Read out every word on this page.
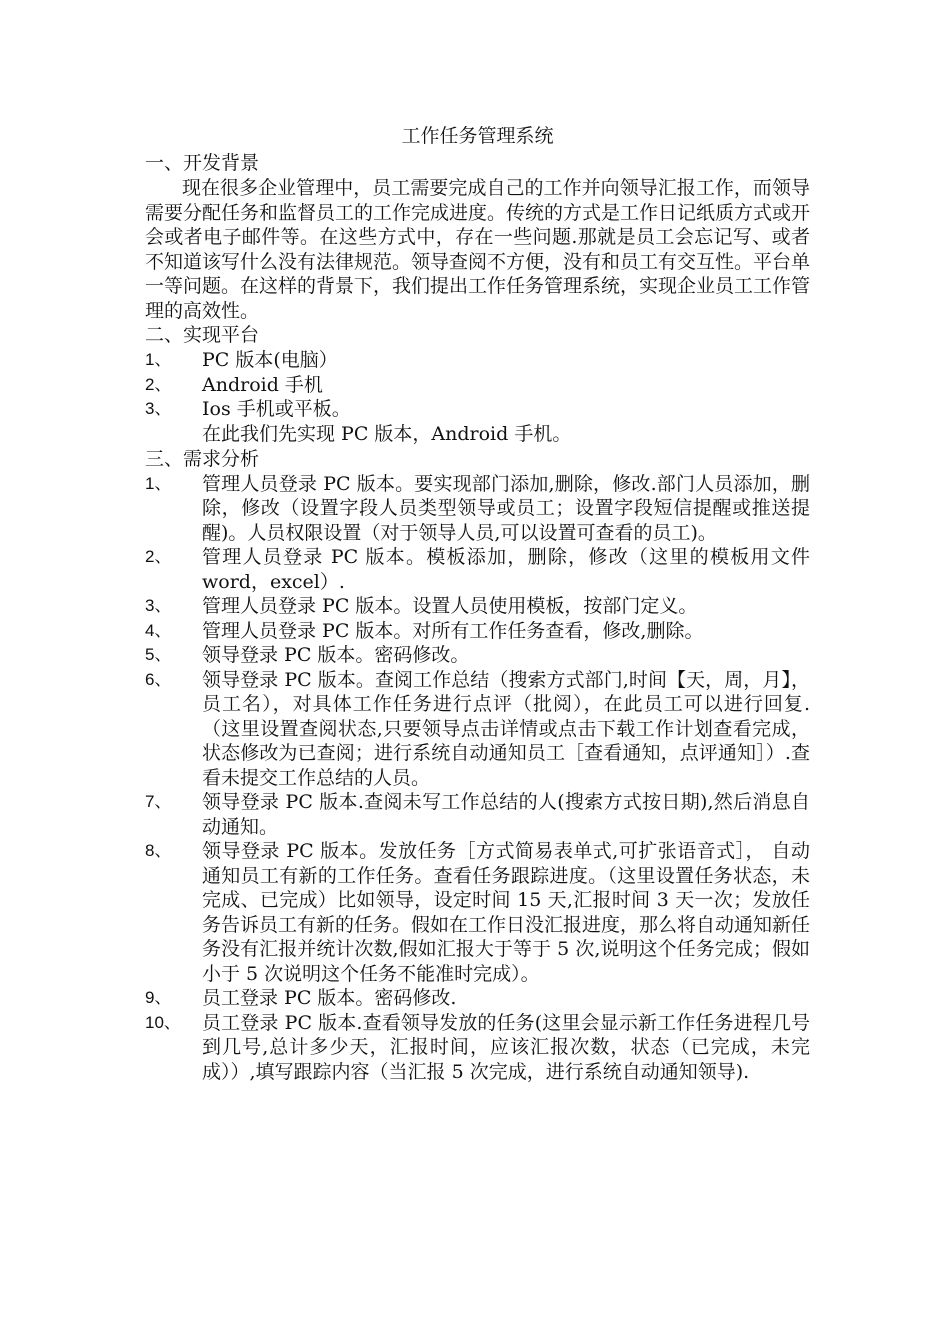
工作任务管理系统
一、开发背景

现在很多企业管理中，员工需要完成自己的工作并向领导汇报工作，而领导需要分配任务和监督员工的工作完成进度。传统的方式是工作日记纸质方式或开会或者电子邮件等。在这些方式中，存在一些问题.那就是员工会忘记写、或者不知道该写什么没有法律规范。领导查阅不方便，没有和员工有交互性。平台单一等问题。在这样的背景下，我们提出工作任务管理系统，实现企业员工工作管理的高效性。

二、实现平台
1、	PC 版本(电脑）
2、	Android 手机
3、	Ios 手机或平板。
在此我们先实现 PC 版本，Android 手机。
三、需求分析
1、	管理人员登录 PC 版本。要实现部门添加,删除，修改.部门人员添加，删除，修改（设置字段人员类型领导或员工；设置字段短信提醒或推送提醒)。人员权限设置（对于领导人员,可以设置可查看的员工)。
2、	管理人员登录 PC 版本。模板添加，删除，修改（这里的模板用文件 word，excel）.
3、	管理人员登录 PC 版本。设置人员使用模板，按部门定义。
4、	管理人员登录 PC 版本。对所有工作任务查看，修改,删除。
5、	领导登录 PC 版本。密码修改。
6、	领导登录 PC 版本。查阅工作总结（搜索方式部门,时间【天，周，月】，员工名），对具体工作任务进行点评（批阅），在此员工可以进行回复.（这里设置查阅状态,只要领导点击详情或点击下载工作计划查看完成，状态修改为已查阅；进行系统自动通知员工［查看通知，点评通知］）.查看未提交工作总结的人员。
7、	领导登录 PC 版本.查阅未写工作总结的人(搜索方式按日期),然后消息自动通知。
8、	领导登录 PC 版本。发放任务［方式简易表单式,可扩张语音式］， 自动通知员工有新的工作任务。查看任务跟踪进度。（这里设置任务状态，未完成、已完成）比如领导，设定时间 15 天,汇报时间 3 天一次；发放任务告诉员工有新的任务。假如在工作日没汇报进度，那么将自动通知新任务没有汇报并统计次数,假如汇报大于等于 5 次,说明这个任务完成；假如小于 5 次说明这个任务不能准时完成）。
9、	员工登录 PC 版本。密码修改.
10、	员工登录 PC 版本.查看领导发放的任务(这里会显示新工作任务进程几号到几号,总计多少天，汇报时间，应该汇报次数，状态（已完成，未完成））,填写跟踪内容（当汇报 5 次完成，进行系统自动通知领导).
